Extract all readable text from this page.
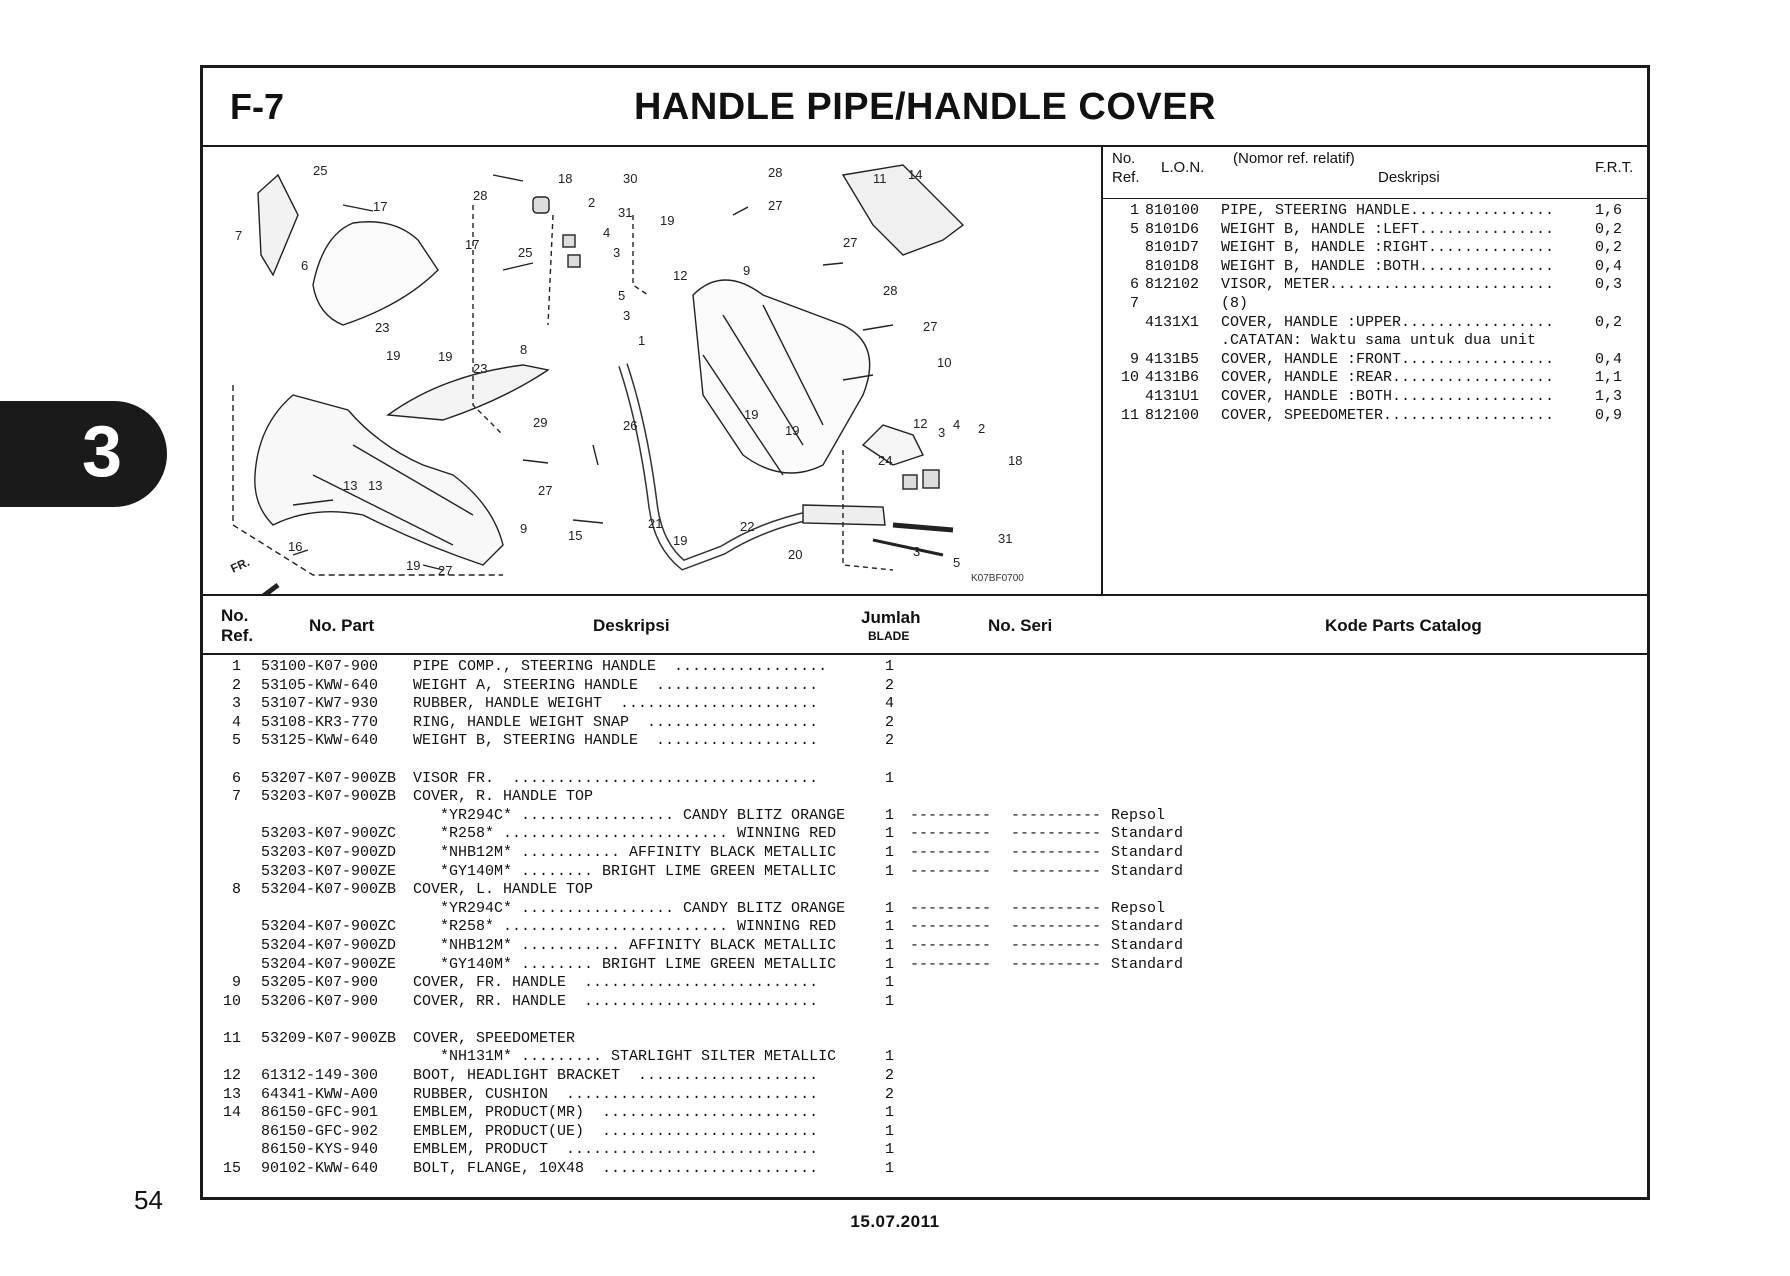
3
54
15.07.2011
F-7	HANDLE PIPE/HANDLE COVER
25
28
30	28	11 14
17
18
2	27
7
6
17
4
31
19
3
27
25
12	9
28
5
3
23
8
19	19
1
27
23	10
29	26
19
19	12
3
4 2
18
13 13	27
24
21	22
20
19
16
9	15	19
27
3
5
31
FR.
K07BF0700
No.
Ref.
L.O.N.
(Nomor ref. relatif)
Deskripsi
F.R.T.
1 810100 PIPE, STEERING HANDLE................	1,6
5 8101D6 WEIGHT B, HANDLE :LEFT...............	0,2
8101D7 WEIGHT B, HANDLE :RIGHT..............	0,2
8101D8 WEIGHT B, HANDLE :BOTH...............	0,4
6 812102 VISOR, METER.........................	0,3
7	(8)
4131X1 COVER, HANDLE :UPPER.................	0,2
.CATATAN: Waktu sama untuk dua unit
9 4131B5 COVER, HANDLE :FRONT.................	0,4
10 4131B6 COVER, HANDLE :REAR..................	1,1
4131U1 COVER, HANDLE :BOTH..................	1,3
11 812100 COVER, SPEEDOMETER...................	0,9
No.
Ref.
No. Part	Deskripsi	Jumlah
BLADE
No. Seri	Kode Parts Catalog
1 53100-K07-900 PIPE COMP., STEERING HANDLE  .................	1
2 53105-KWW-640 WEIGHT A, STEERING HANDLE  ..................	2
3 53107-KW7-930 RUBBER, HANDLE WEIGHT  ......................	4
4 53108-KR3-770 RING, HANDLE WEIGHT SNAP  ...................	2
5 53125-KWW-640 WEIGHT B, STEERING HANDLE  ..................	2
6 53207-K07-900ZB VISOR FR.  ..................................	1
7 53203-K07-900ZB COVER, R. HANDLE TOP
*YR294C* ................. CANDY BLITZ ORANGE	1 --------- ---------- Repsol
53203-K07-900ZC *R258* ......................... WINNING RED	1 --------- ---------- Standard
53203-K07-900ZD *NHB12M* ........... AFFINITY BLACK METALLIC	1 --------- ---------- Standard
53203-K07-900ZE *GY140M* ........ BRIGHT LIME GREEN METALLIC	1 --------- ---------- Standard
8 53204-K07-900ZB COVER, L. HANDLE TOP
*YR294C* ................. CANDY BLITZ ORANGE	1 --------- ---------- Repsol
53204-K07-900ZC *R258* ......................... WINNING RED	1 --------- ---------- Standard
53204-K07-900ZD *NHB12M* ........... AFFINITY BLACK METALLIC	1 --------- ---------- Standard
53204-K07-900ZE *GY140M* ........ BRIGHT LIME GREEN METALLIC	1 --------- ---------- Standard
9 53205-K07-900 COVER, FR. HANDLE  ..........................	1
10 53206-K07-900 COVER, RR. HANDLE  ..........................	1
11 53209-K07-900ZB COVER, SPEEDOMETER
*NH131M* ......... STARLIGHT SILTER METALLIC	1
12 61312-149-300 BOOT, HEADLIGHT BRACKET  ....................	2
13 64341-KWW-A00 RUBBER, CUSHION  ............................	2
14 86150-GFC-901 EMBLEM, PRODUCT(MR)  ........................	1
86150-GFC-902 EMBLEM, PRODUCT(UE)  ........................	1
86150-KYS-940 EMBLEM, PRODUCT  ............................	1
15 90102-KWW-640 BOLT, FLANGE, 10X48  ........................	1
